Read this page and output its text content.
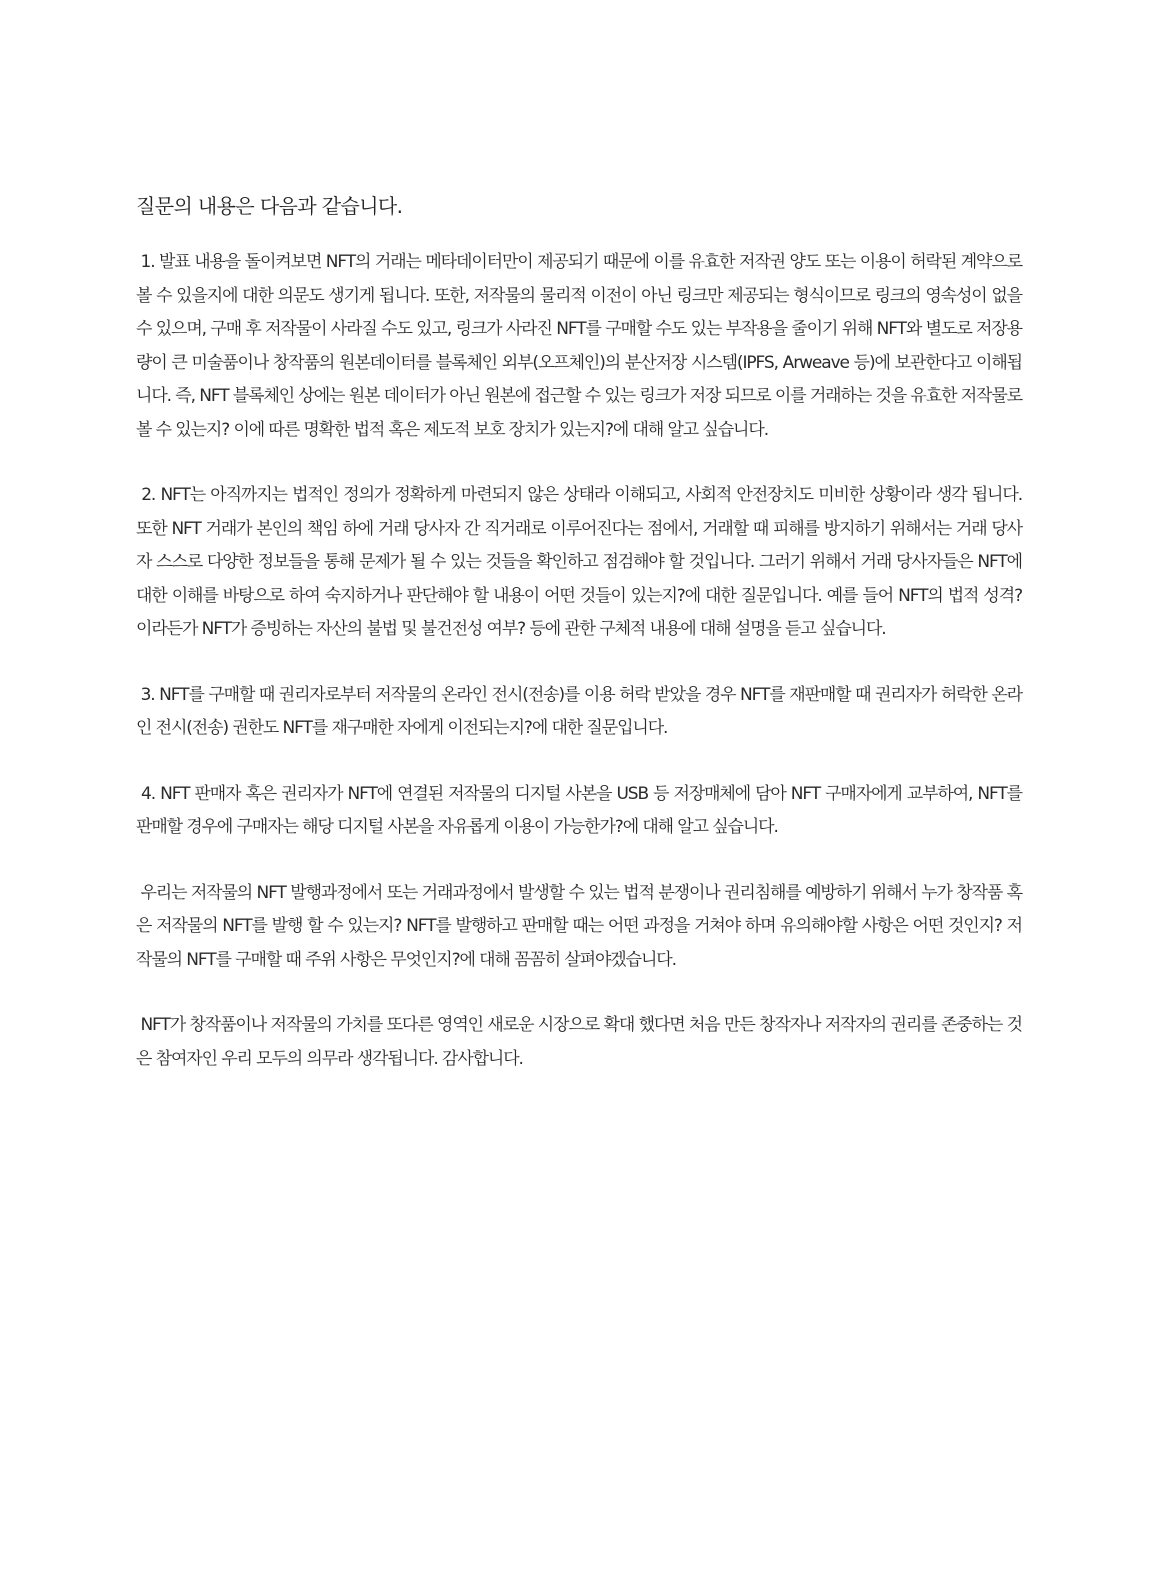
질문의 내용은 다음과 같습니다.
1. 발표 내용을 돌이켜보면 NFT의 거래는 메타데이터만이 제공되기 때문에 이를 유효한 저작권 양도 또는 이용이 허락된 계약으로 볼 수 있을지에 대한 의문도 생기게 됩니다. 또한, 저작물의 물리적 이전이 아닌 링크만 제공되는 형식이므로 링크의 영속성이 없을 수 있으며, 구매 후 저작물이 사라질 수도 있고, 링크가 사라진 NFT를 구매할 수도 있는 부작용을 줄이기 위해 NFT와 별도로 저장용량이 큰 미술품이나 창작품의 원본데이터를 블록체인 외부(오프체인)의 분산저장 시스템(IPFS, Arweave 등)에 보관한다고 이해됩니다. 즉, NFT 블록체인 상에는 원본 데이터가 아닌 원본에 접근할 수 있는 링크가 저장 되므로 이를 거래하는 것을 유효한 저작물로 볼 수 있는지? 이에 따른 명확한 법적 혹은 제도적 보호 장치가 있는지?에 대해 알고 싶습니다.
2. NFT는 아직까지는 법적인 정의가 정확하게 마련되지 않은 상태라 이해되고, 사회적 안전장치도 미비한 상황이라 생각 됩니다. 또한 NFT 거래가 본인의 책임 하에 거래 당사자 간 직거래로 이루어진다는 점에서, 거래할 때 피해를 방지하기 위해서는 거래 당사자 스스로 다양한 정보들을 통해 문제가 될 수 있는 것들을 확인하고 점검해야 할 것입니다. 그러기 위해서 거래 당사자들은 NFT에 대한 이해를 바탕으로 하여 숙지하거나 판단해야 할 내용이 어떤 것들이 있는지?에 대한 질문입니다. 예를 들어 NFT의 법적 성격? 이라든가 NFT가 증빙하는 자산의 불법 및 불건전성 여부? 등에 관한 구체적 내용에 대해 설명을 듣고 싶습니다.
3. NFT를 구매할 때 권리자로부터 저작물의 온라인 전시(전송)를 이용 허락 받았을 경우 NFT를 재판매할 때 권리자가 허락한 온라인 전시(전송) 권한도 NFT를 재구매한 자에게 이전되는지?에 대한 질문입니다.
4. NFT 판매자 혹은 권리자가 NFT에 연결된 저작물의 디지털 사본을 USB 등 저장매체에 담아 NFT 구매자에게 교부하여, NFT를 판매할 경우에 구매자는 해당 디지털 사본을 자유롭게 이용이 가능한가?에 대해 알고 싶습니다.
우리는 저작물의 NFT 발행과정에서 또는 거래과정에서 발생할 수 있는 법적 분쟁이나 권리침해를 예방하기 위해서 누가 창작품 혹은 저작물의 NFT를 발행 할 수 있는지? NFT를 발행하고 판매할 때는 어떤 과정을 거쳐야 하며 유의해야할 사항은 어떤 것인지? 저작물의 NFT를 구매할 때 주위 사항은 무엇인지?에 대해 꼼꼼히 살펴야겠습니다.
NFT가 창작품이나 저작물의 가치를 또다른 영역인 새로운 시장으로 확대 했다면 처음 만든 창작자나 저작자의 권리를 존중하는 것은 참여자인 우리 모두의 의무라 생각됩니다. 감사합니다.
